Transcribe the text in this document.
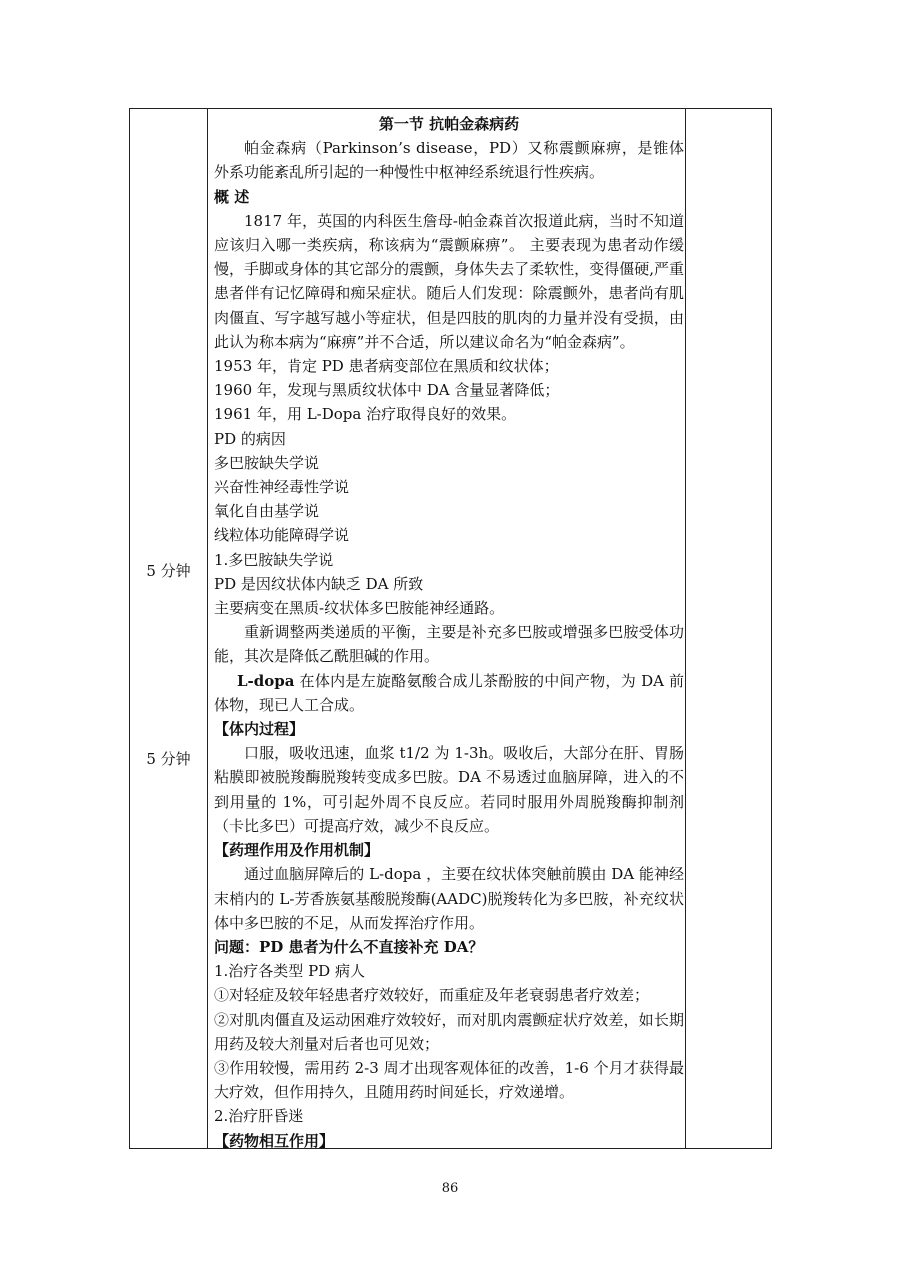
5 分钟
5 分钟

第一节 抗帕金森病药

帕金森病（Parkinson’s disease，PD）又称震颤麻痹，是锥体外系功能紊乱所引起的一种慢性中枢神经系统退行性疾病。

概 述

1817 年，英国的内科医生詹母-帕金森首次报道此病，当时不知道应该归入哪一类疾病，称该病为“震颤麻痹”。 主要表现为患者动作缓慢，手脚或身体的其它部分的震颤，身体失去了柔软性，变得僵硬,严重患者伴有记忆障碍和痴呆症状。随后人们发现：除震颤外，患者尚有肌肉僵直、写字越写越小等症状，但是四肢的肌肉的力量并没有受损，由此认为称本病为“麻痹”并不合适，所以建议命名为“帕金森病”。

1953 年，肯定 PD 患者病变部位在黑质和纹状体；

1960 年，发现与黑质纹状体中 DA 含量显著降低；

1961 年，用 L-Dopa 治疗取得良好的效果。

PD 的病因

多巴胺缺失学说

兴奋性神经毒性学说

氧化自由基学说

线粒体功能障碍学说

1.多巴胺缺失学说

PD 是因纹状体内缺乏 DA 所致

主要病变在黑质-纹状体多巴胺能神经通路。

重新调整两类递质的平衡，主要是补充多巴胺或增强多巴胺受体功能，其次是降低乙酰胆碱的作用。

L-dopa 在体内是左旋酪氨酸合成儿茶酚胺的中间产物，为 DA 前体物，现已人工合成。

【体内过程】

口服，吸收迅速，血浆 t1/2 为 1-3h。吸收后，大部分在肝、胃肠粘膜即被脱羧酶脱羧转变成多巴胺。DA 不易透过血脑屏障，进入的不到用量的 1%，可引起外周不良反应。若同时服用外周脱羧酶抑制剂（卡比多巴）可提高疗效，减少不良反应。

【药理作用及作用机制】

通过血脑屏障后的 L-dopa ，主要在纹状体突触前膜由 DA 能神经末梢内的 L-芳香族氨基酸脱羧酶(AADC)脱羧转化为多巴胺，补充纹状体中多巴胺的不足，从而发挥治疗作用。

问题：PD 患者为什么不直接补充 DA？

1.治疗各类型 PD 病人

①对轻症及较年轻患者疗效较好，而重症及年老衰弱患者疗效差；

②对肌肉僵直及运动困难疗效较好，而对肌肉震颤症状疗效差，如长期用药及较大剂量对后者也可见效；

③作用较慢，需用药 2-3 周才出现客观体征的改善，1-6 个月才获得最大疗效，但作用持久，且随用药时间延长，疗效递增。

2.治疗肝昏迷

【药物相互作用】

86
